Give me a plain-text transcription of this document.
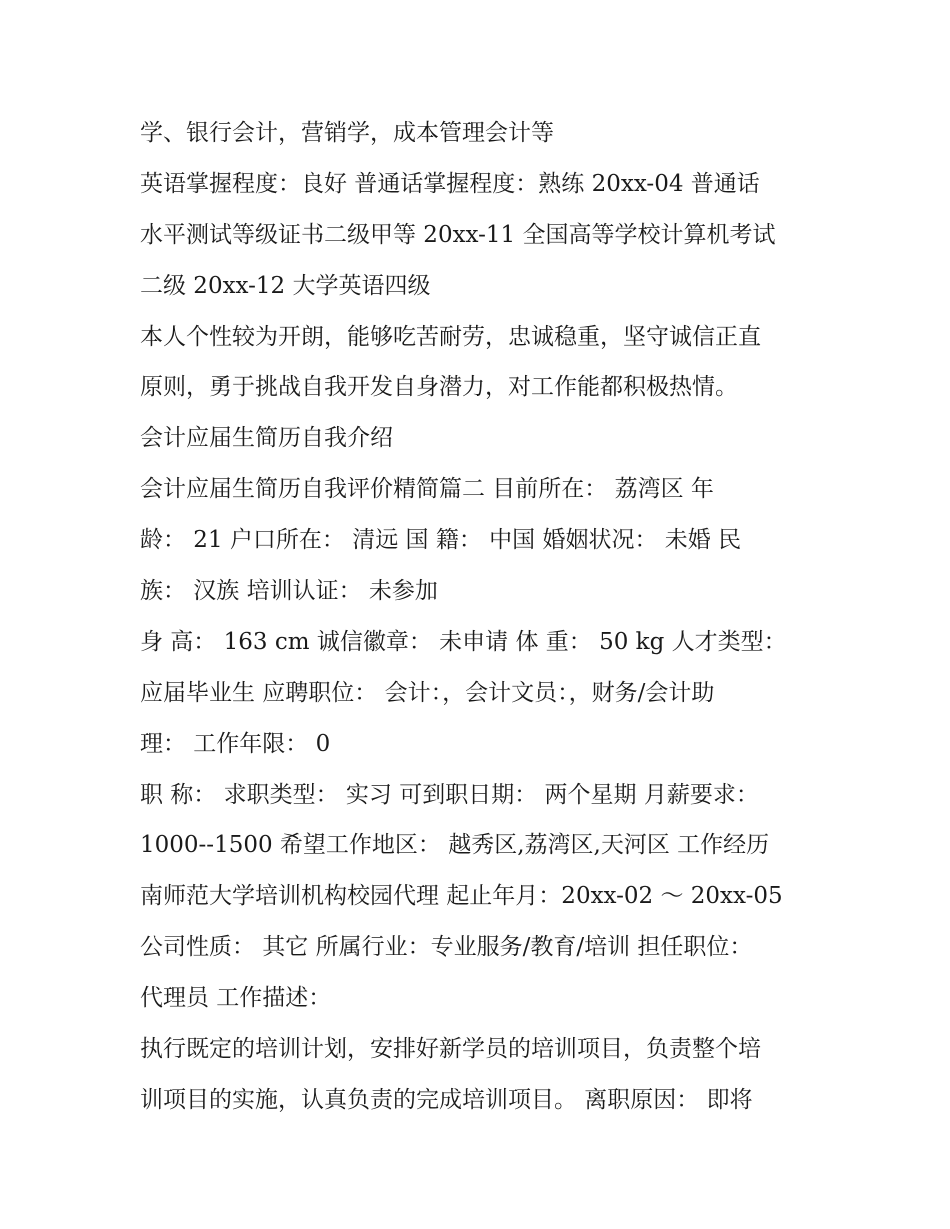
学、银行会计，营销学，成本管理会计等

英语掌握程度：良好 普通话掌握程度：熟练 20xx-04 普通话

水平测试等级证书二级甲等 20xx-11 全国高等学校计算机考试

二级 20xx-12 大学英语四级

本人个性较为开朗，能够吃苦耐劳，忠诚稳重，坚守诚信正直

原则，勇于挑战自我开发自身潜力，对工作能都积极热情。

会计应届生简历自我介绍

会计应届生简历自我评价精简篇二 目前所在： 荔湾区 年

龄： 21 户口所在： 清远 国 籍： 中国 婚姻状况： 未婚 民

族： 汉族 培训认证： 未参加

身 高： 163 cm 诚信徽章： 未申请 体 重： 50 kg 人才类型：

应届毕业生 应聘职位： 会计：，会计文员：，财务/会计助

理： 工作年限： 0

职 称： 求职类型： 实习 可到职日期： 两个星期 月薪要求：

1000--1500 希望工作地区： 越秀区,荔湾区,天河区 工作经历

南师范大学培训机构校园代理 起止年月：20xx-02 ～ 20xx-05

公司性质： 其它 所属行业：专业服务/教育/培训 担任职位：

代理员 工作描述：

执行既定的培训计划，安排好新学员的培训项目，负责整个培

训项目的实施，认真负责的完成培训项目。 离职原因： 即将
